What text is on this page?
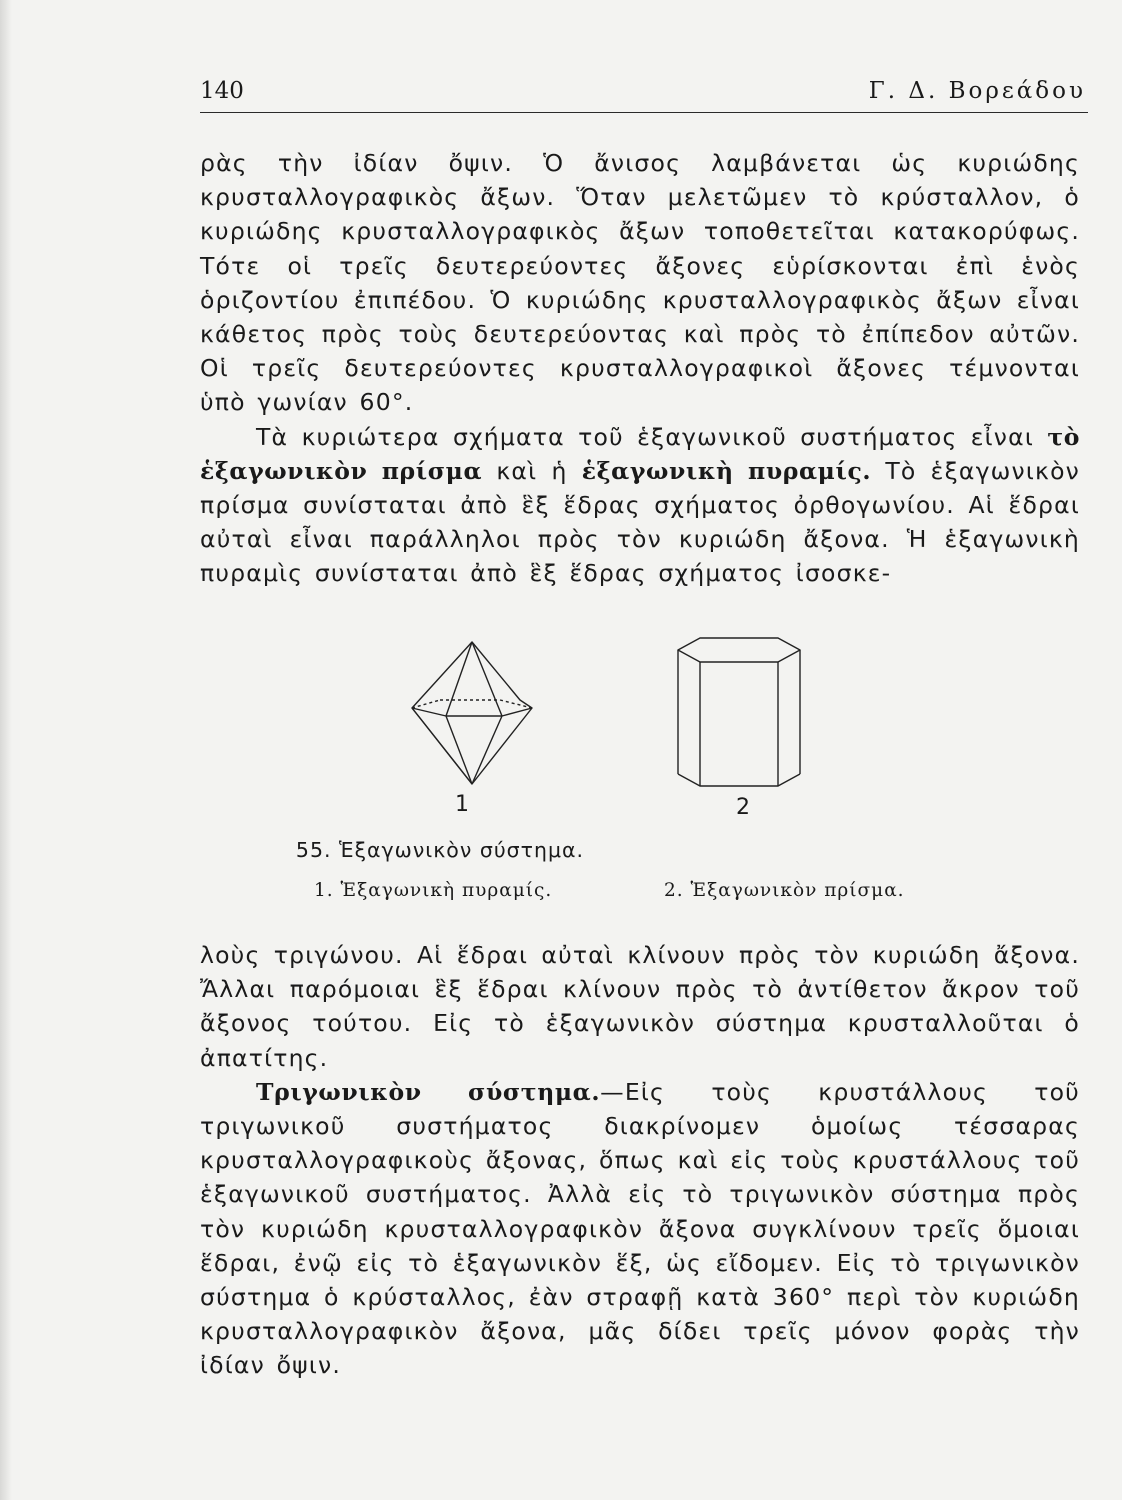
140	Γ. Δ. Βορεάδου

ρὰς τὴν ἰδίαν ὄψιν. Ὁ ἄνισος λαμβάνεται ὡς κυριώδης κρυσταλλογραφικὸς ἄξων. Ὅταν μελετῶμεν τὸ κρύσταλλον, ὁ κυριώδης κρυσταλλογραφικὸς ἄξων τοποθετεῖται κατακορύφως. Τότε οἱ τρεῖς δευτερεύοντες ἄξονες εὑρίσκονται ἐπὶ ἑνὸς ὁριζοντίου ἐπιπέδου. Ὁ κυριώδης κρυσταλλογραφικὸς ἄξων εἶναι κάθετος πρὸς τοὺς δευτερεύοντας καὶ πρὸς τὸ ἐπίπεδον αὐτῶν. Οἱ τρεῖς δευτερεύοντες κρυσταλλογραφικοὶ ἄξονες τέμνονται ὑπὸ γωνίαν 60°.

Τὰ κυριώτερα σχήματα τοῦ ἑξαγωνικοῦ συστήματος εἶναι τὸ ἑξαγωνικὸν πρίσμα καὶ ἡ ἑξαγωνικὴ πυραμίς. Τὸ ἑξαγωνικὸν πρίσμα συνίσταται ἀπὸ ἓξ ἕδρας σχήματος ὀρθογωνίου. Αἱ ἕδραι αὐταὶ εἶναι παράλληλοι πρὸς τὸν κυριώδη ἄξονα. Ἡ ἑξαγωνικὴ πυραμὶς συνίσταται ἀπὸ ἓξ ἕδρας σχήματος ἰσοσκε-

1	2
55. Ἑξαγωνικὸν σύστημα.
1. Ἑξαγωνικὴ πυραμίς.	2. Ἑξαγωνικὸν πρίσμα.

λοὺς τριγώνου. Αἱ ἕδραι αὐταὶ κλίνουν πρὸς τὸν κυριώδη ἄξονα. Ἄλλαι παρόμοιαι ἓξ ἕδραι κλίνουν πρὸς τὸ ἀντίθετον ἄκρον τοῦ ἄξονος τούτου. Εἰς τὸ ἑξαγωνικὸν σύστημα κρυσταλλοῦται ὁ ἀπατίτης.

Τριγωνικὸν σύστημα.—Εἰς τοὺς κρυστάλλους τοῦ τριγωνικοῦ συστήματος διακρίνομεν ὁμοίως τέσσαρας κρυσταλλογραφικοὺς ἄξονας, ὅπως καὶ εἰς τοὺς κρυστάλλους τοῦ ἑξαγωνικοῦ συστήματος. Ἀλλὰ εἰς τὸ τριγωνικὸν σύστημα πρὸς τὸν κυριώδη κρυσταλλογραφικὸν ἄξονα συγκλίνουν τρεῖς ὅμοιαι ἕδραι, ἐνῷ εἰς τὸ ἑξαγωνικὸν ἕξ, ὡς εἴδομεν. Εἰς τὸ τριγωνικὸν σύστημα ὁ κρύσταλλος, ἐὰν στραφῇ κατὰ 360° περὶ τὸν κυριώδη κρυσταλλογραφικὸν ἄξονα, μᾶς δίδει τρεῖς μόνον φορὰς τὴν ἰδίαν ὄψιν.
